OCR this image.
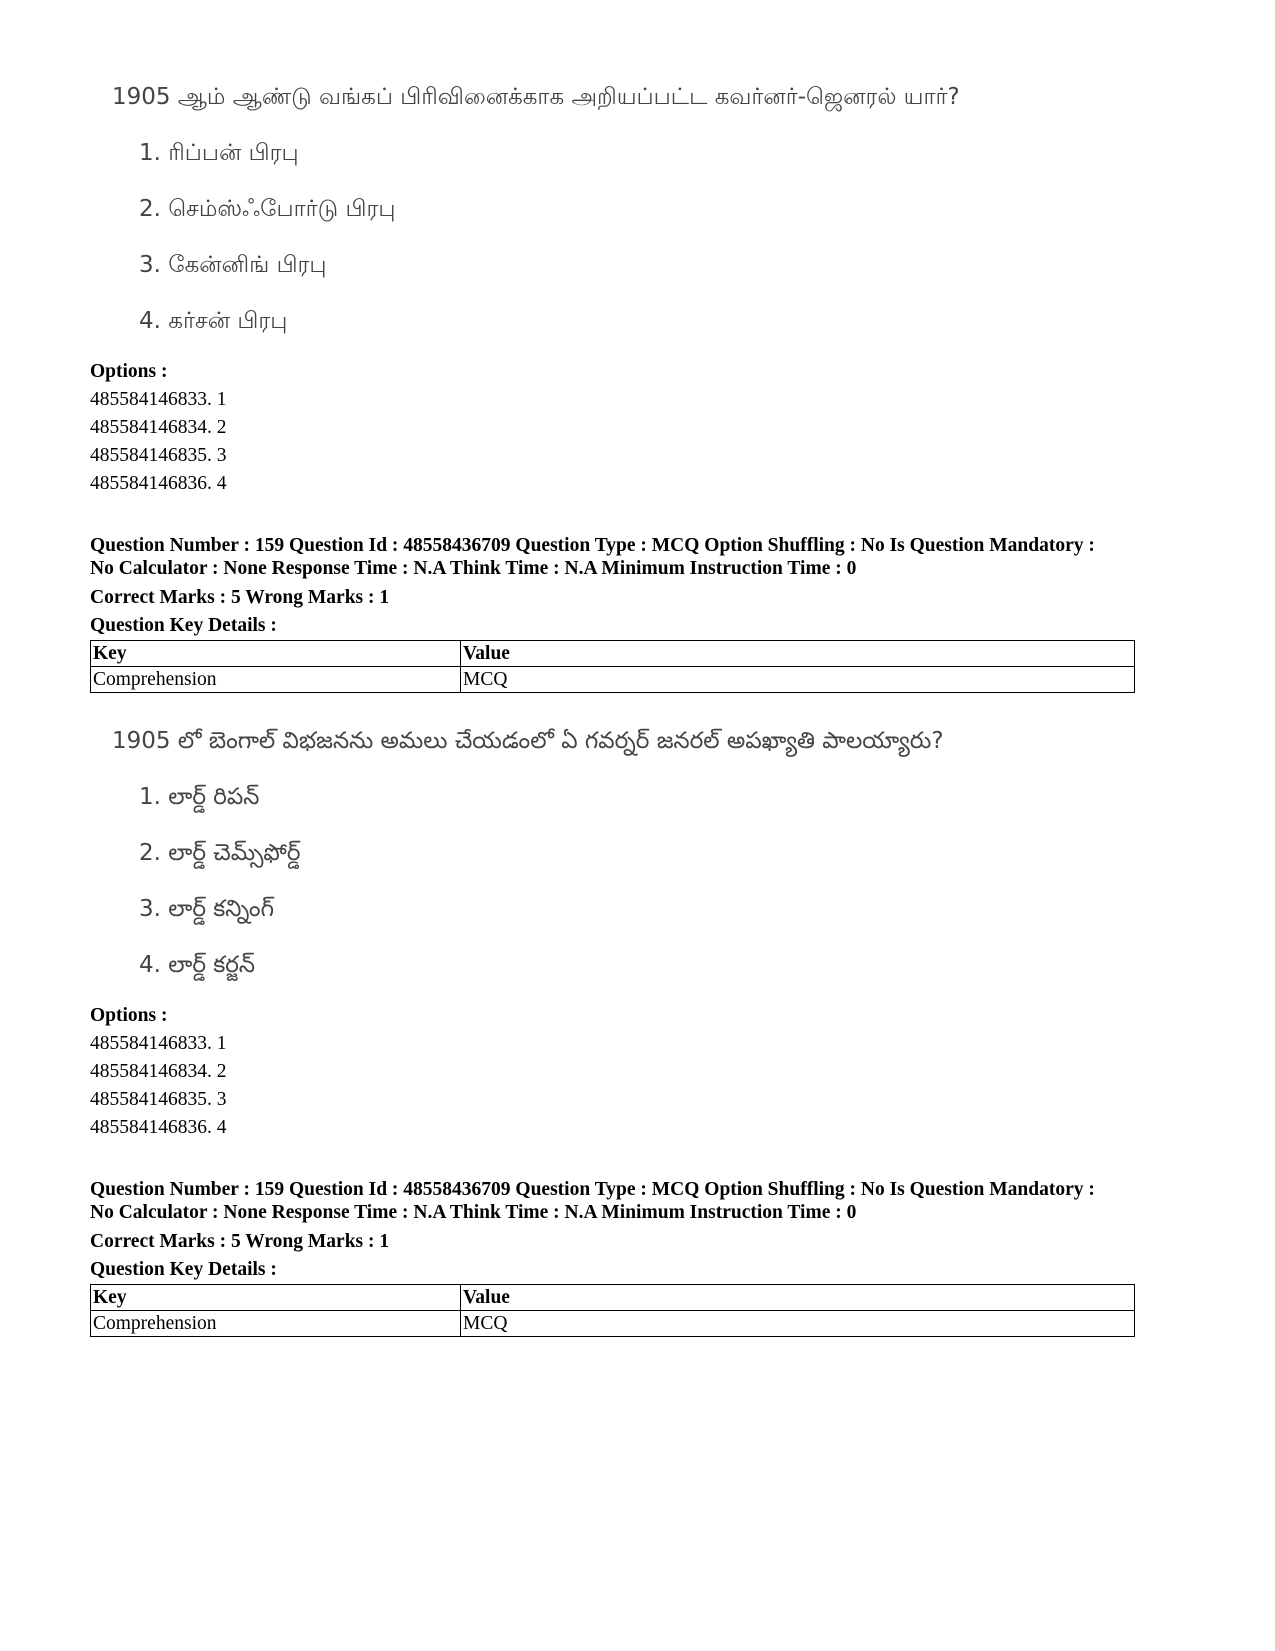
1905 ஆம் ஆண்டு வங்கப் பிரிவினைக்காக அறியப்பட்ட கவர்னர்-ஜெனரல் யார்?

1. ரிப்பன் பிரபு

2. செம்ஸ்ஃபோர்டு பிரபு

3. கேன்னிங் பிரபு

4. கர்சன் பிரபு

Options :
485584146833. 1
485584146834. 2
485584146835. 3
485584146836. 4
Question Number : 159 Question Id : 48558436709 Question Type : MCQ Option Shuffling : No Is Question Mandatory :
No Calculator : None Response Time : N.A Think Time : N.A Minimum Instruction Time : 0
Correct Marks : 5 Wrong Marks : 1
Question Key Details :
Key	Value
Comprehension	MCQ

1905 లో బెంగాల్ విభజనను అమలు చేయడంలో ఏ గవర్నర్ జనరల్ అపఖ్యాతి పాలయ్యారు?

1. లార్డ్ రిపన్

2. లార్డ్ చెమ్స్‌ఫోర్డ్

3. లార్డ్ కన్నింగ్

4. లార్డ్ కర్జన్

Options :
485584146833. 1
485584146834. 2
485584146835. 3
485584146836. 4
Question Number : 159 Question Id : 48558436709 Question Type : MCQ Option Shuffling : No Is Question Mandatory :
No Calculator : None Response Time : N.A Think Time : N.A Minimum Instruction Time : 0
Correct Marks : 5 Wrong Marks : 1
Question Key Details :
Key	Value
Comprehension	MCQ
